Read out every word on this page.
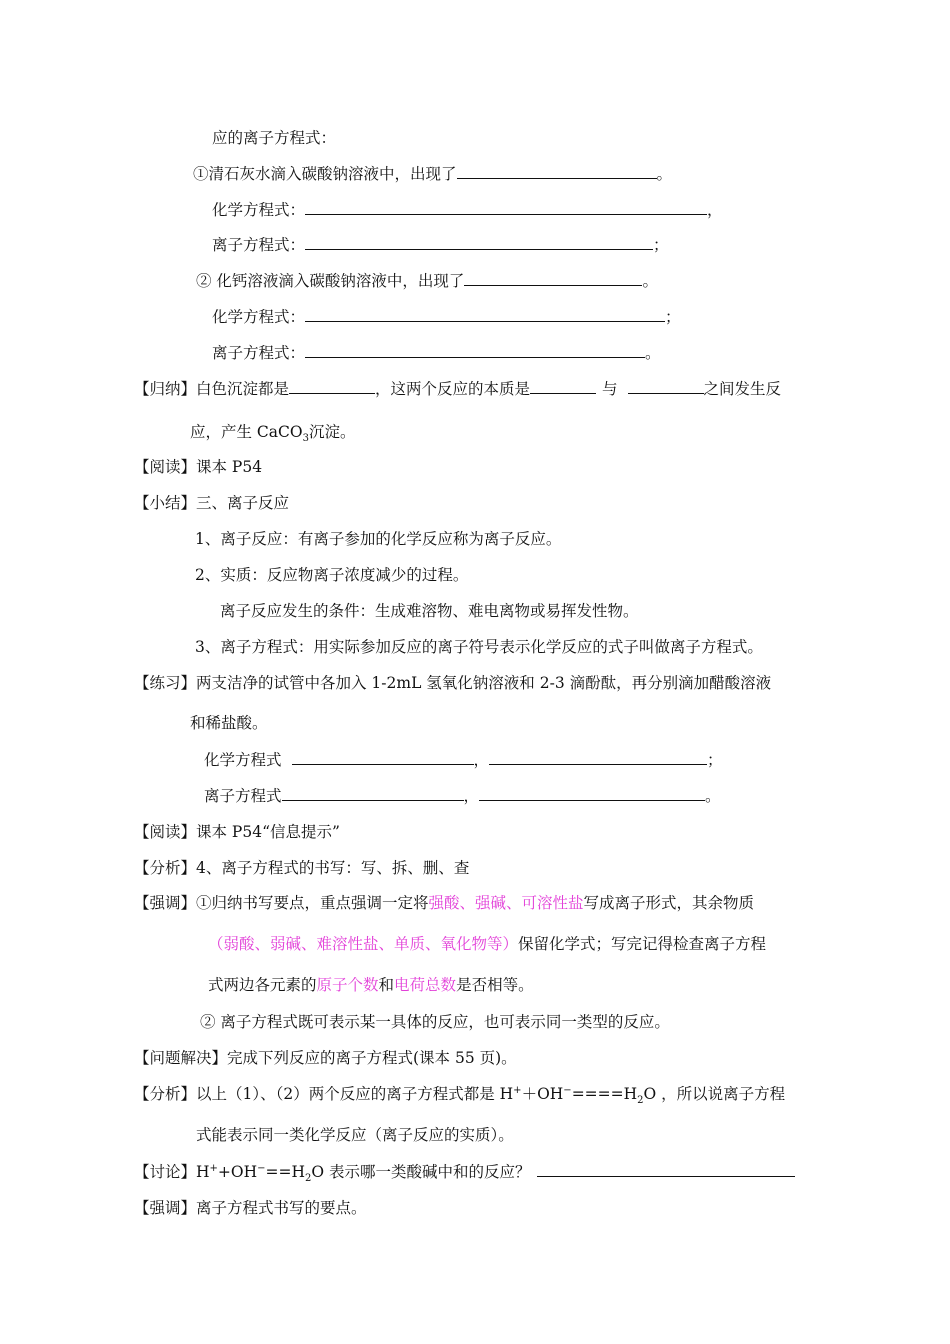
应的离子方程式：
①清石灰水滴入碳酸钠溶液中，出现了	。
化学方程式：	，
离子方程式：	；
② 化钙溶液滴入碳酸钠溶液中，出现了	。
化学方程式：	；
离子方程式：	。
【归纳】白色沉淀都是	，这两个反应的本质是	与	之间发生反
应，产生 CaCO$_3$沉淀。
【阅读】课本 P54
【小结】三、离子反应
1、离子反应：有离子参加的化学反应称为离子反应。
2、实质：反应物离子浓度减少的过程。
离子反应发生的条件：生成难溶物、难电离物或易挥发性物。
3、离子方程式：用实际参加反应的离子符号表示化学反应的式子叫做离子方程式。
【练习】两支洁净的试管中各加入 1-2mL 氢氧化钠溶液和 2-3 滴酚酞，再分别滴加醋酸溶液
和稀盐酸。
化学方程式	，	；
离子方程式	，	。
【阅读】课本 P54“信息提示”
【分析】4、离子方程式的书写：写、拆、删、查
【强调】①归纳书写要点，重点强调一定将强酸、强碱、可溶性盐写成离子形式，其余物质
（弱酸、弱碱、难溶性盐、单质、氧化物等）保留化学式；写完记得检查离子方程
式两边各元素的原子个数和电荷总数是否相等。
② 离子方程式既可表示某一具体的反应，也可表示同一类型的反应。
【问题解决】完成下列反应的离子方程式(课本 55 页)。
【分析】以上（1）、（2）两个反应的离子方程式都是 $H^++OH^-====H_2O$ ，所以说离子方程
式能表示同一类化学反应（离子反应的实质）。
【讨论】$H^++OH^-==H_2O$ 表示哪一类酸碱中和的反应？
【强调】离子方程式书写的要点。
